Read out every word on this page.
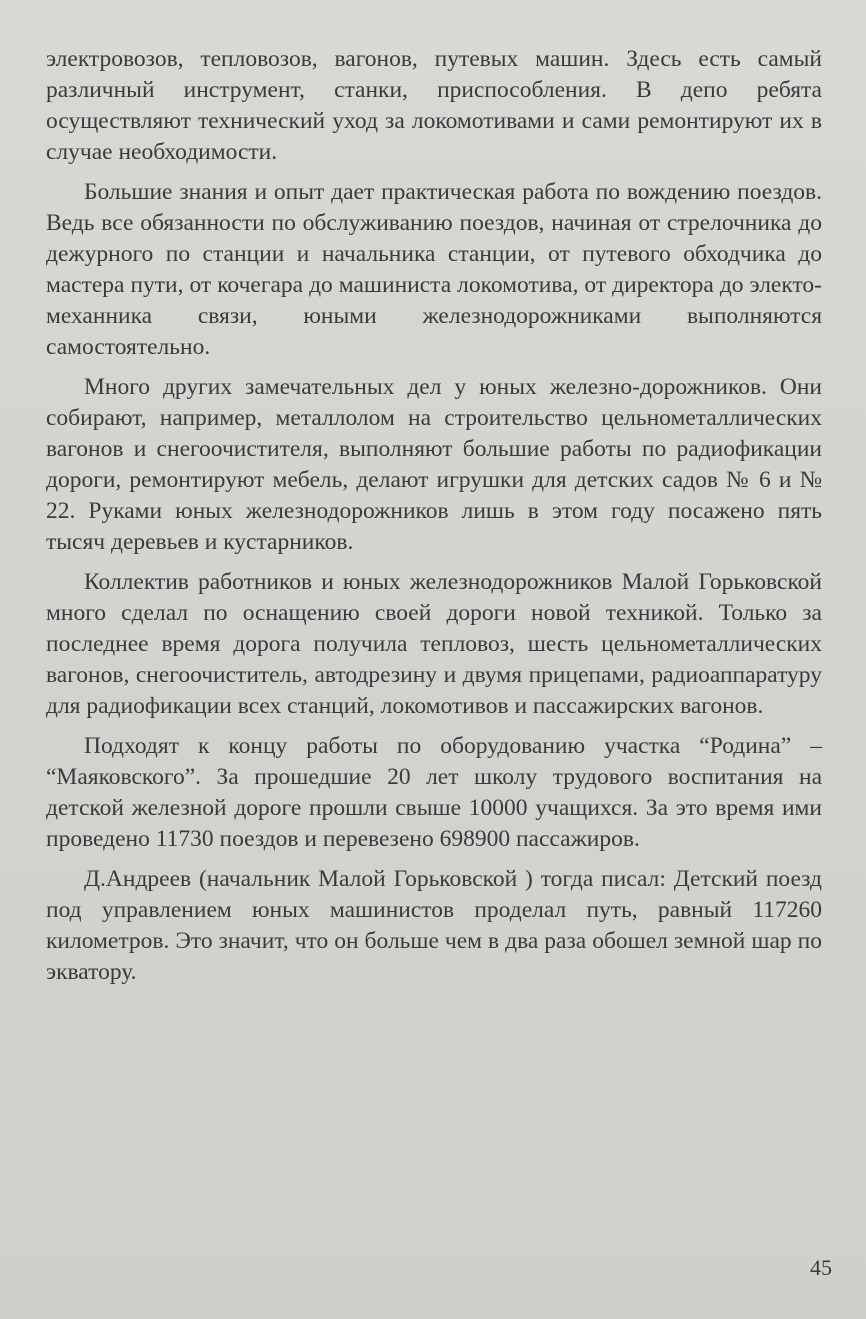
электровозов, тепловозов, вагонов, путевых машин. Здесь есть самый различный инструмент, станки, приспособления. В депо ребята осуществляют технический уход за локомотивами и сами ремонтируют их в случае необходимости.

Большие знания и опыт дает практическая работа по вождению поездов. Ведь все обязанности по обслуживанию поездов, начиная от стрелочника до дежурного по станции и начальника станции, от путевого обходчика до мастера пути, от кочегара до машиниста локомотива, от директора до электо-механника связи, юными железнодорожниками выполняются самостоятельно.

Много других замечательных дел у юных железно-дорожников. Они собирают, например, металлолом на строительство цельнометаллических вагонов и снегоочистителя, выполняют большие работы по радиофикации дороги, ремонтируют мебель, делают игрушки для детских садов № 6 и № 22. Руками юных железнодорожников лишь в этом году посажено пять тысяч деревьев и кустарников.

Коллектив работников и юных железнодорожников Малой Горьковской много сделал по оснащению своей дороги новой техникой. Только за последнее время дорога получила тепловоз, шесть цельнометаллических вагонов, снегоочиститель, автодрезину и двумя прицепами, радиоаппаратуру для радиофикации всех станций, локомотивов и пассажирских вагонов.

Подходят к концу работы по оборудованию участка “Родина” – “Маяковского”. За прошедшие 20 лет школу трудового воспитания на детской железной дороге прошли свыше 10000 учащихся. За это время ими проведено 11730 поездов и перевезено 698900 пассажиров.

Д.Андреев (начальник Малой Горьковской ) тогда писал: Детский поезд под управлением юных машинистов проделал путь, равный 117260 километров. Это значит, что он больше чем в два раза обошел земной шар по экватору.

45
